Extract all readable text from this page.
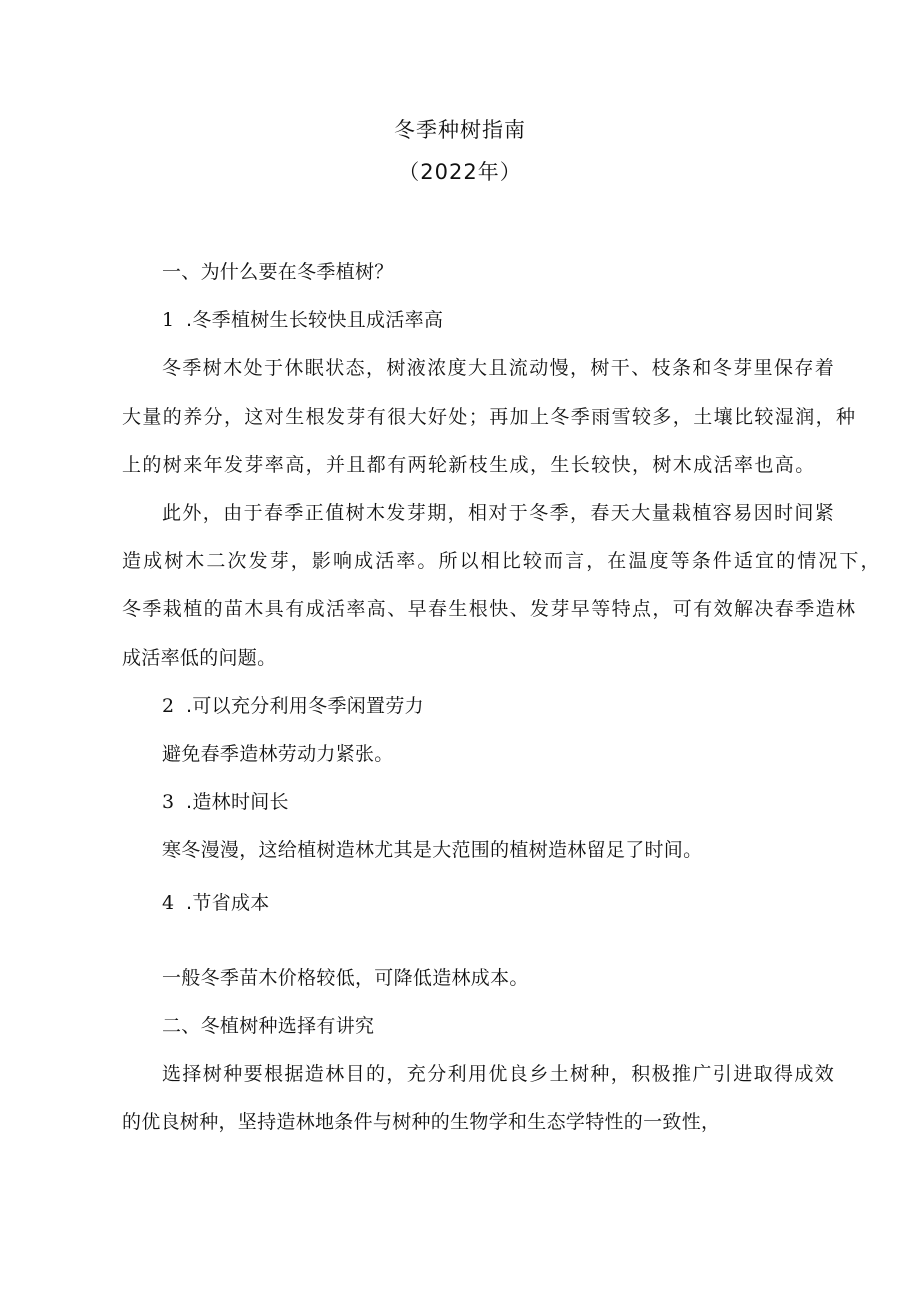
冬季种树指南
（2022年）
一、为什么要在冬季植树？
1 .冬季植树生长较快且成活率高
冬季树木处于休眠状态，树液浓度大且流动慢，树干、枝条和冬芽里保存着
大量的养分，这对生根发芽有很大好处；再加上冬季雨雪较多，土壤比较湿润，种
上的树来年发芽率高，并且都有两轮新枝生成，生长较快，树木成活率也高。
此外，由于春季正值树木发芽期，相对于冬季，春天大量栽植容易因时间紧
造成树木二次发芽，影响成活率。所以相比较而言，在温度等条件适宜的情况下，
冬季栽植的苗木具有成活率高、早春生根快、发芽早等特点，可有效解决春季造林
成活率低的问题。
2 .可以充分利用冬季闲置劳力
避免春季造林劳动力紧张。
3 .造林时间长
寒冬漫漫，这给植树造林尤其是大范围的植树造林留足了时间。
4 .节省成本
一般冬季苗木价格较低，可降低造林成本。
二、冬植树种选择有讲究
选择树种要根据造林目的，充分利用优良乡土树种，积极推广引进取得成效
的优良树种，坚持造林地条件与树种的生物学和生态学特性的一致性，
